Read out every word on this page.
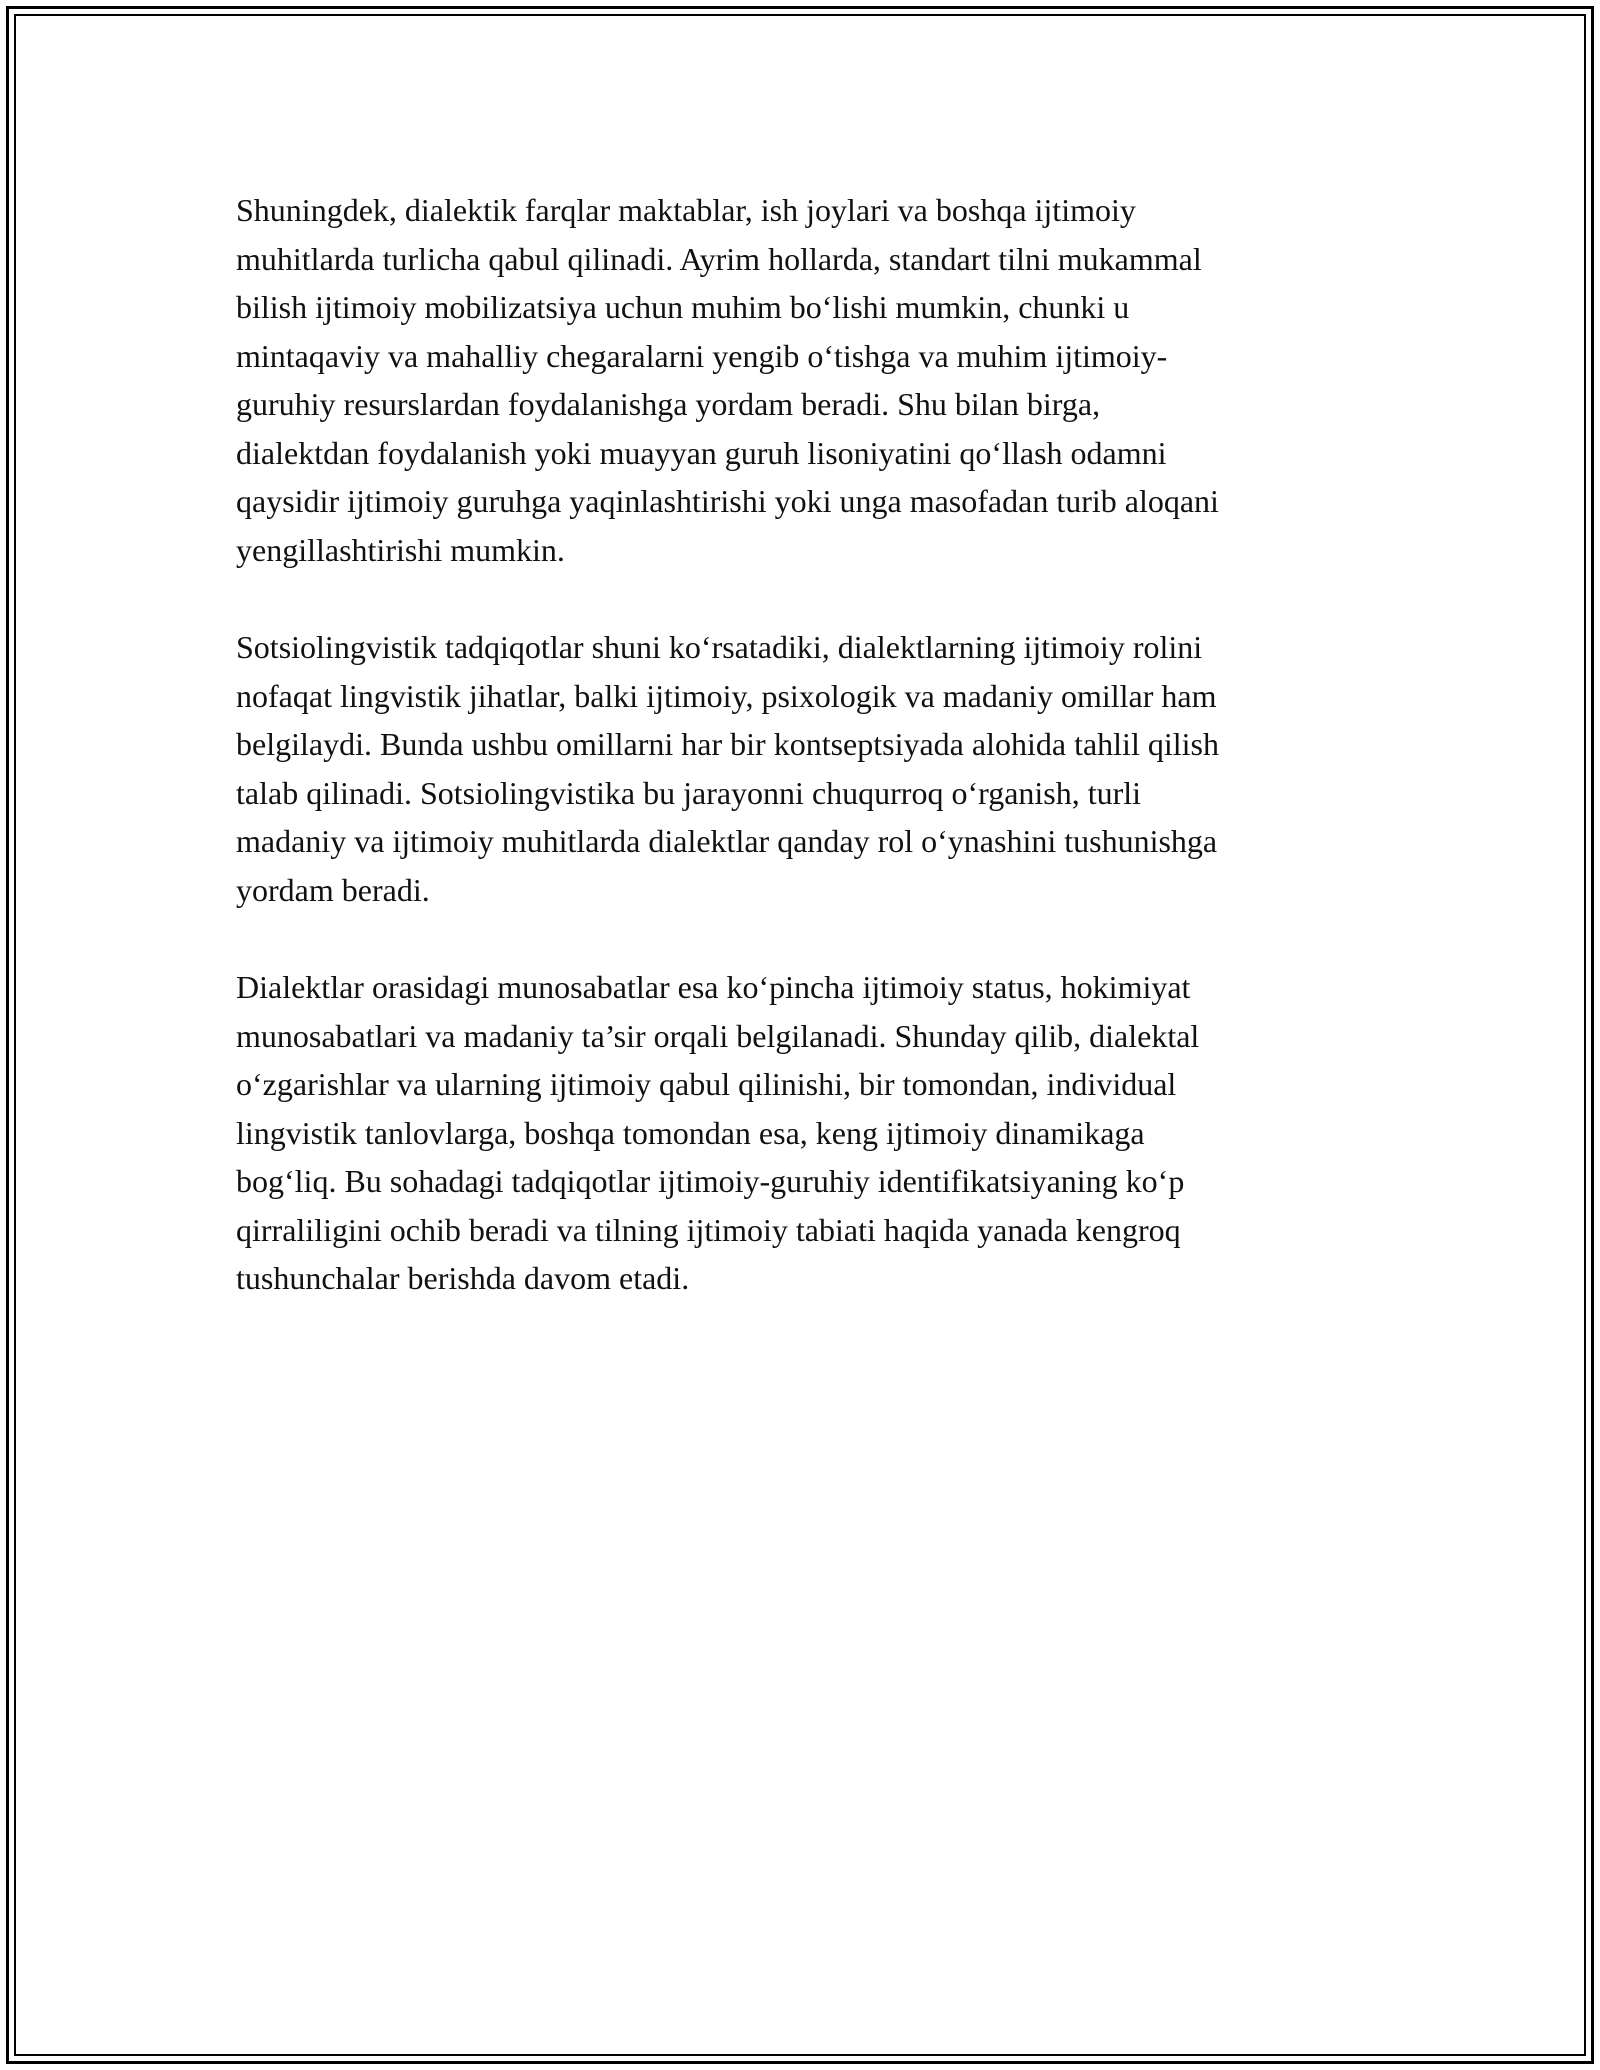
Shuningdek, dialektik farqlar maktablar, ish joylari va boshqa ijtimoiy
muhitlarda turlicha qabul qilinadi. Ayrim hollarda, standart tilni mukammal
bilish ijtimoiy mobilizatsiya uchun muhim bo‘lishi mumkin, chunki u
mintaqaviy va mahalliy chegaralarni yengib o‘tishga va muhim ijtimoiy-
guruhiy resurslardan foydalanishga yordam beradi. Shu bilan birga,
dialektdan foydalanish yoki muayyan guruh lisoniyatini qo‘llash odamni
qaysidir ijtimoiy guruhga yaqinlashtirishi yoki unga masofadan turib aloqani
yengillashtirishi mumkin.

Sotsiolingvistik tadqiqotlar shuni ko‘rsatadiki, dialektlarning ijtimoiy rolini
nofaqat lingvistik jihatlar, balki ijtimoiy, psixologik va madaniy omillar ham
belgilaydi. Bunda ushbu omillarni har bir kontseptsiyada alohida tahlil qilish
talab qilinadi. Sotsiolingvistika bu jarayonni chuqurroq o‘rganish, turli
madaniy va ijtimoiy muhitlarda dialektlar qanday rol o‘ynashini tushunishga
yordam beradi.

Dialektlar orasidagi munosabatlar esa ko‘pincha ijtimoiy status, hokimiyat
munosabatlari va madaniy ta’sir orqali belgilanadi. Shunday qilib, dialektal
o‘zgarishlar va ularning ijtimoiy qabul qilinishi, bir tomondan, individual
lingvistik tanlovlarga, boshqa tomondan esa, keng ijtimoiy dinamikaga
bog‘liq. Bu sohadagi tadqiqotlar ijtimoiy-guruhiy identifikatsiyaning ko‘p
qirraliligini ochib beradi va tilning ijtimoiy tabiati haqida yanada kengroq
tushunchalar berishda davom etadi.
